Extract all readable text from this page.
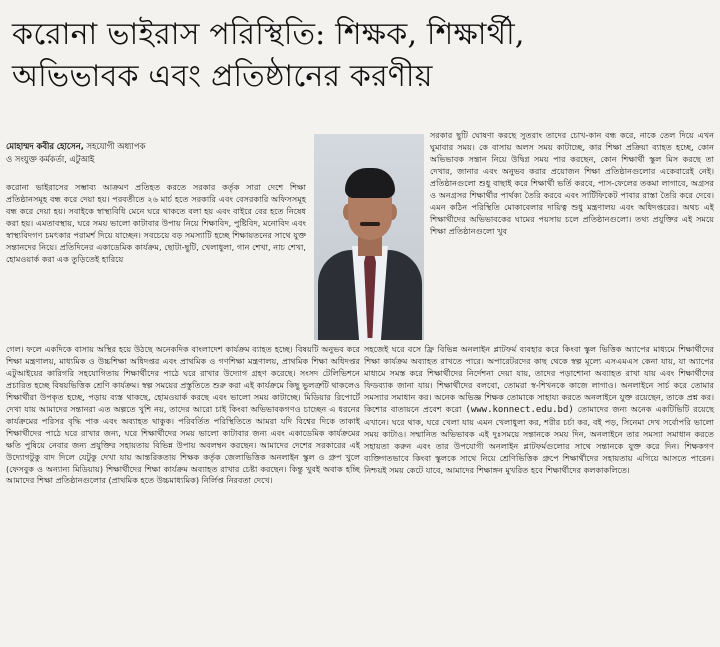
করোনা ভাইরাস পরিস্থিতি: শিক্ষক, শিক্ষার্থী,
অভিভাবক এবং প্রতিষ্ঠানের করণীয়
মোহাম্মদ কবীর হোসেন, সহযোগী অধ্যাপক
ও সংযুক্ত কর্মকর্তা, এটুআই
করোনা ভাইরাসের সম্ভাব্য আক্রমণ প্রতিহত করতে সরকার কর্তৃক সারা দেশে শিক্ষা প্রতিষ্ঠানসমূহ বন্ধ করে দেয়া হয়। পরবর্তীতে ২৬ মার্চ হতে সরকারি এবং বেসরকারি অফিসসমূহ বন্ধ করে দেয়া হয়। সবাইকে স্বাস্থ্যবিধি মেনে ঘরে থাকতে বলা হয় এবং বাইরে বের হতে নিষেধ করা হয়। এমতাবস্থায়, ঘরে সময় ভালো কাটাবার উপায় নিয়ে শিক্ষাবিদ, পুষ্টিবিদ, মনোবিদ এবং স্বাস্থ্যবিদগণ চমৎকার পরামর্শ দিয়ে যাচ্ছেন। সবচেয়ে বড় সমস্যাটি হচ্ছে শিক্ষায়তনের সাথে যুক্ত সন্তানদের নিয়ে। প্রতিদিনের একাডেমিক কার্যক্রম, ছোটা-ছুটি, খেলাধুলা, গান শেখা, নাচ শেখা, হোমওয়ার্ক করা এক তুড়িতেই হারিয়ে
সরকার ছুটি ঘোষণা করছে সুতরাং তাদের চোখ-কান বন্ধ করে, নাকে তেল দিয়ে এখন ঘুমাবার সময়। কে বাসায় অলস সময় কাটাচ্ছে, কার শিক্ষা প্রক্রিয়া ব্যাহত হচ্ছে, কোন অভিভাবক সন্তান নিয়ে উদ্বিগ্ন সময় পার করছেন, কোন শিক্ষার্থী স্কুল মিস করছে তা দেখার, জানার এবং অনুভব করার প্রয়োজন শিক্ষা প্রতিষ্ঠানগুলোর একেবারেই নেই। প্রতিষ্ঠানগুলো শুধু বাছাই করে শিক্ষার্থী ভর্তি করবে, পাস-ফেলের তকমা লাগাবে, অগ্রসর ও অনগ্রসর শিক্ষার্থীর পার্থক্য তৈরি করবে এবং সার্টিফিকেট পাবার রাস্তা তৈরি করে দেবে। এমন কঠিন পরিস্থিতি মোকাবেলার দায়িত্ব শুধু মন্ত্রণালয় এবং অধিদপ্তরের। অথচ এই শিক্ষার্থীদের অভিভাবকের ঘামের পয়সায় চলে প্রতিষ্ঠানগুলো। তথ্য প্রযুক্তির এই সময়ে শিক্ষা প্রতিষ্ঠানগুলো খুব
গেল। ফলে একদিকে বাসায় অস্থির হয়ে উঠছে অনেকদিক বাংলাদেশ কার্যক্রম ব্যাহত হচ্ছে। বিষয়টি অনুভব করে শিক্ষা মন্ত্রণালয়, মাধ্যমিক ও উচ্চশিক্ষা অধিদপ্তর এবং প্রাথমিক ও গণশিক্ষা মন্ত্রণালয়, প্রাথমিক শিক্ষা অধিদপ্তর এটুআইয়ের কারিগরি সহযোগিতায় শিক্ষার্থীদের পাঠে ঘরে রাখার উদ্যোগ গ্রহণ করেছে। সংসদ টেলিভিশনে প্রচারিত হচ্ছে বিষয়ভিত্তিক শ্রেণি কার্যক্রম। স্বল্প সময়ের প্রস্তুতিতে শুরু করা এই কার্যক্রমে কিছু ভুলত্রুটি থাকলেও শিক্ষার্থীরা উপকৃত হচ্ছে, পড়ায় ব্যস্ত থাকছে, হোমওয়ার্ক করছে এবং ভালো সময় কাটাচ্ছে। মিডিয়ার রিপোর্টে দেখা যায় আমাদের সন্তানরা এত অল্পতে খুশি নয়, তাদের আরো চাই কিংবা অভিভাবকগণও চাচ্ছেন এ ধরনের কার্যক্রমের পরিসর বৃদ্ধি পাক এবং অব্যাহত থাকুক। পরিবর্তিত পরিস্থিতিতে আমরা যদি বিশ্বের দিকে তাকাই শিক্ষার্থীদের পাঠে ঘরে রাখার জন্য, ঘরে শিক্ষার্থীদের সময় ভালো কাটাবার জন্য এবং একাডেমিক কার্যক্রমের ক্ষতি পুষিয়ে নেবার জন্য প্রযুক্তির সহায়তায় বিভিন্ন উপায় অবলম্বন করছেন। আমাদের দেশের সরকারের এই উদ্যোগটুকু বাদ দিলে যেটুকু দেখা যায় আন্তরিকতায় শিক্ষক কর্তৃক জেলাভিত্তিক অনলাইন স্কুল ও গ্রুপ খুলে (ফেসবুক ও অন্যান্য মিডিয়ায়) শিক্ষার্থীদের শিক্ষা কার্যক্রম অব্যাহত রাখার চেষ্টা করছেন। কিন্তু খুবই অবাক হচ্ছি আমাদের শিক্ষা প্রতিষ্ঠানগুলোর (প্রাথমিক হতে উচ্চমাধ্যমিক) নির্লিপ্ত নিরবতা দেখে।
সহজেই ঘরে বসে ফ্রি বিভিন্ন অনলাইন প্লাটফর্ম ব্যবহার করে কিংবা স্কুল ভিত্তিক অ্যাপের মাধ্যমে শিক্ষার্থীদের শিক্ষা কার্যক্রম অব্যাহত রাখতে পারে। অপারেটরদের কাছ থেকে স্বল্প মূল্যে এসএমএস কেনা যায়, যা অ্যাপের মাধ্যমে সমস্ত করে শিক্ষার্থীদের নির্দেশনা দেয়া যায়, তাদের পড়াশোনা অব্যাহত রাখা যায় এবং শিক্ষার্থীদের ফিডব্যাক জানা যায়। শিক্ষার্থীদের বলবো, তোমরা স্ব-শিখনকে কাজে লাগাও। অনলাইনে সার্চ করে তোমার সমস্যার সমাধান কর। অনেক অভিজ্ঞ শিক্ষক তোমাকে সাহায্য করতে অনলাইনে যুক্ত রয়েছেন, তাকে প্রশ্ন কর। কিশোর বাতায়নে প্রবেশ করো (www.konnect.edu.bd) তোমাদের জন্য অনেক একটিভিটি রয়েছে এখানে। ঘরে থাক, ঘরে খেলা যায় এমন খেলাধুলা কর, শরীর চর্চা কর, বই পড়, সিনেমা দেখ সর্বোপরি ভালো সময় কাটাও। সম্মানিত অভিভাবক এই দুঃসময়ে সন্তানকে সময় দিন, অনলাইনে তার সমস্যা সমাধান করতে সহায়তা করুন এবং তার উপযোগী অনলাইন প্লাটফর্মগুলোর সাথে সন্তানকে যুক্ত করে দিন। শিক্ষকগণ ব্যক্তিগতভাবে কিংবা স্কুলকে সাথে নিয়ে শ্রেণিভিত্তিক গ্রুপে শিক্ষার্থীদের সহায়তায় এগিয়ে আসতে পারেন। নিশ্চয়ই সময় কেটে যাবে, আমাদের শিক্ষাঙ্গন মুখরিত হবে শিক্ষার্থীদের কলকাকলিতে।
